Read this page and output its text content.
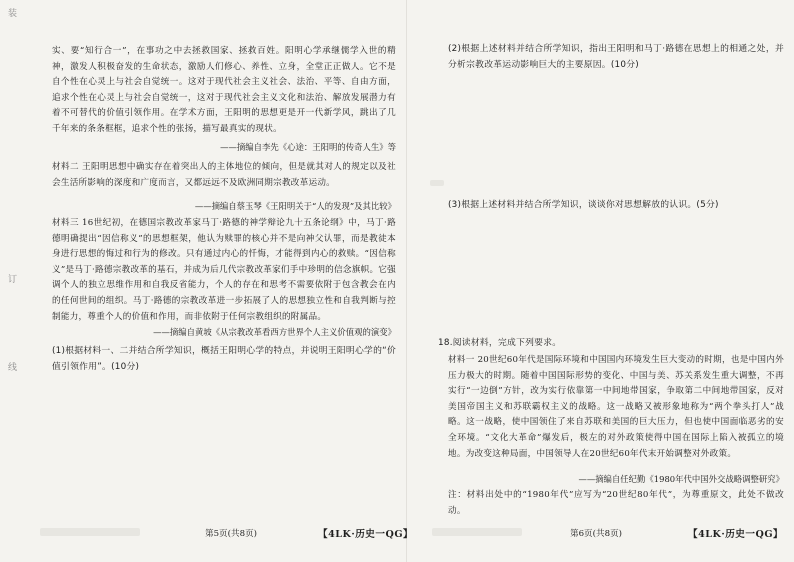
装
订
线

实、要“知行合一”，在事功之中去拯救国家、拯救百姓。阳明心学承继儒学入世的精神，激发人积极奋发的生命状态，激励人们修心、养性、立身，全堂正正做人。它不是自个性在心灵上与社会自觉统一。这对于现代社会主义社会、法治、平等、自由方面，追求个性在心灵上与社会自觉统一，这对于现代社会主义文化和法治、解放发展潜力有着不可替代的价值引领作用。在学术方面，王阳明的思想更是开一代新学风，跳出了几千年来的条条框框，追求个性的张扬，描写最真实的现状。

——摘编自李先《心途：王阳明的传奇人生》等

材料二 王阳明思想中确实存在着突出人的主体地位的倾向，但是就其对人的规定以及社会生活所影响的深度和广度而言，又都远远不及欧洲同期宗教改革运动。

——摘编自蔡玉琴《王阳明关于“人的发现”及其比较》

材料三 16世纪初，在德国宗教改革家马丁·路德的神学辩论九十五条论纲》中，马丁·路德明确提出“因信称义”的思想框架，他认为赎罪的核心并不是向神父认罪，而是教徒本身进行思想的悔过和行为的修改。只有通过内心的忏悔，才能得到内心的救赎。“因信称义”是马丁·路德宗教改革的基石，并成为后几代宗教改革家们手中珍明的信念旗帜。它强调个人的独立思维作用和自我反省能力，个人的存在和思考不需要依附于包含教会在内的任何世间的组织。马丁·路德的宗教改革进一步拓展了人的思想独立性和自我判断与控制能力，尊重个人的价值和作用，而非依附于任何宗教组织的附属品。

——摘编自黄坡《从宗教改革看西方世界个人主义价值观的演变》

(1)根据材料一、二并结合所学知识，概括王阳明心学的特点，并说明王阳明心学的“价值引领作用”。(10分)

第5页(共8页)	【4LK·历史一QG】

(2)根据上述材料并结合所学知识，指出王阳明和马丁·路德在思想上的相通之处，并分析宗教改革运动影响巨大的主要原因。(10分)

(3)根据上述材料并结合所学知识，谈谈你对思想解放的认识。(5分)

18.阅读材料，完成下列要求。

材料一 20世纪60年代是国际环境和中国国内环境发生巨大变动的时期，也是中国内外压力极大的时期。随着中国国际形势的变化、中国与美、苏关系发生重大调整，不再实行“一边倒”方针，改为实行依靠第一中间地带国家，争取第二中间地带国家，反对美国帝国主义和苏联霸权主义的战略。这一战略又被形象地称为“两个拳头打人”战略。这一战略，使中国领住了来自苏联和美国的巨大压力，但也使中国面临恶劣的安全环境。“文化大革命”爆发后，极左的对外政策使得中国在国际上陷入被孤立的境地。为改变这种局面，中国领导人在20世纪60年代末开始调整对外政策。

——摘编自任纪勤《1980年代中国外交战略调整研究》

注：材料出处中的“1980年代”应写为“20世纪80年代”，为尊重原文，此处不做改动。

第6页(共8页)	【4LK·历史一QG】
